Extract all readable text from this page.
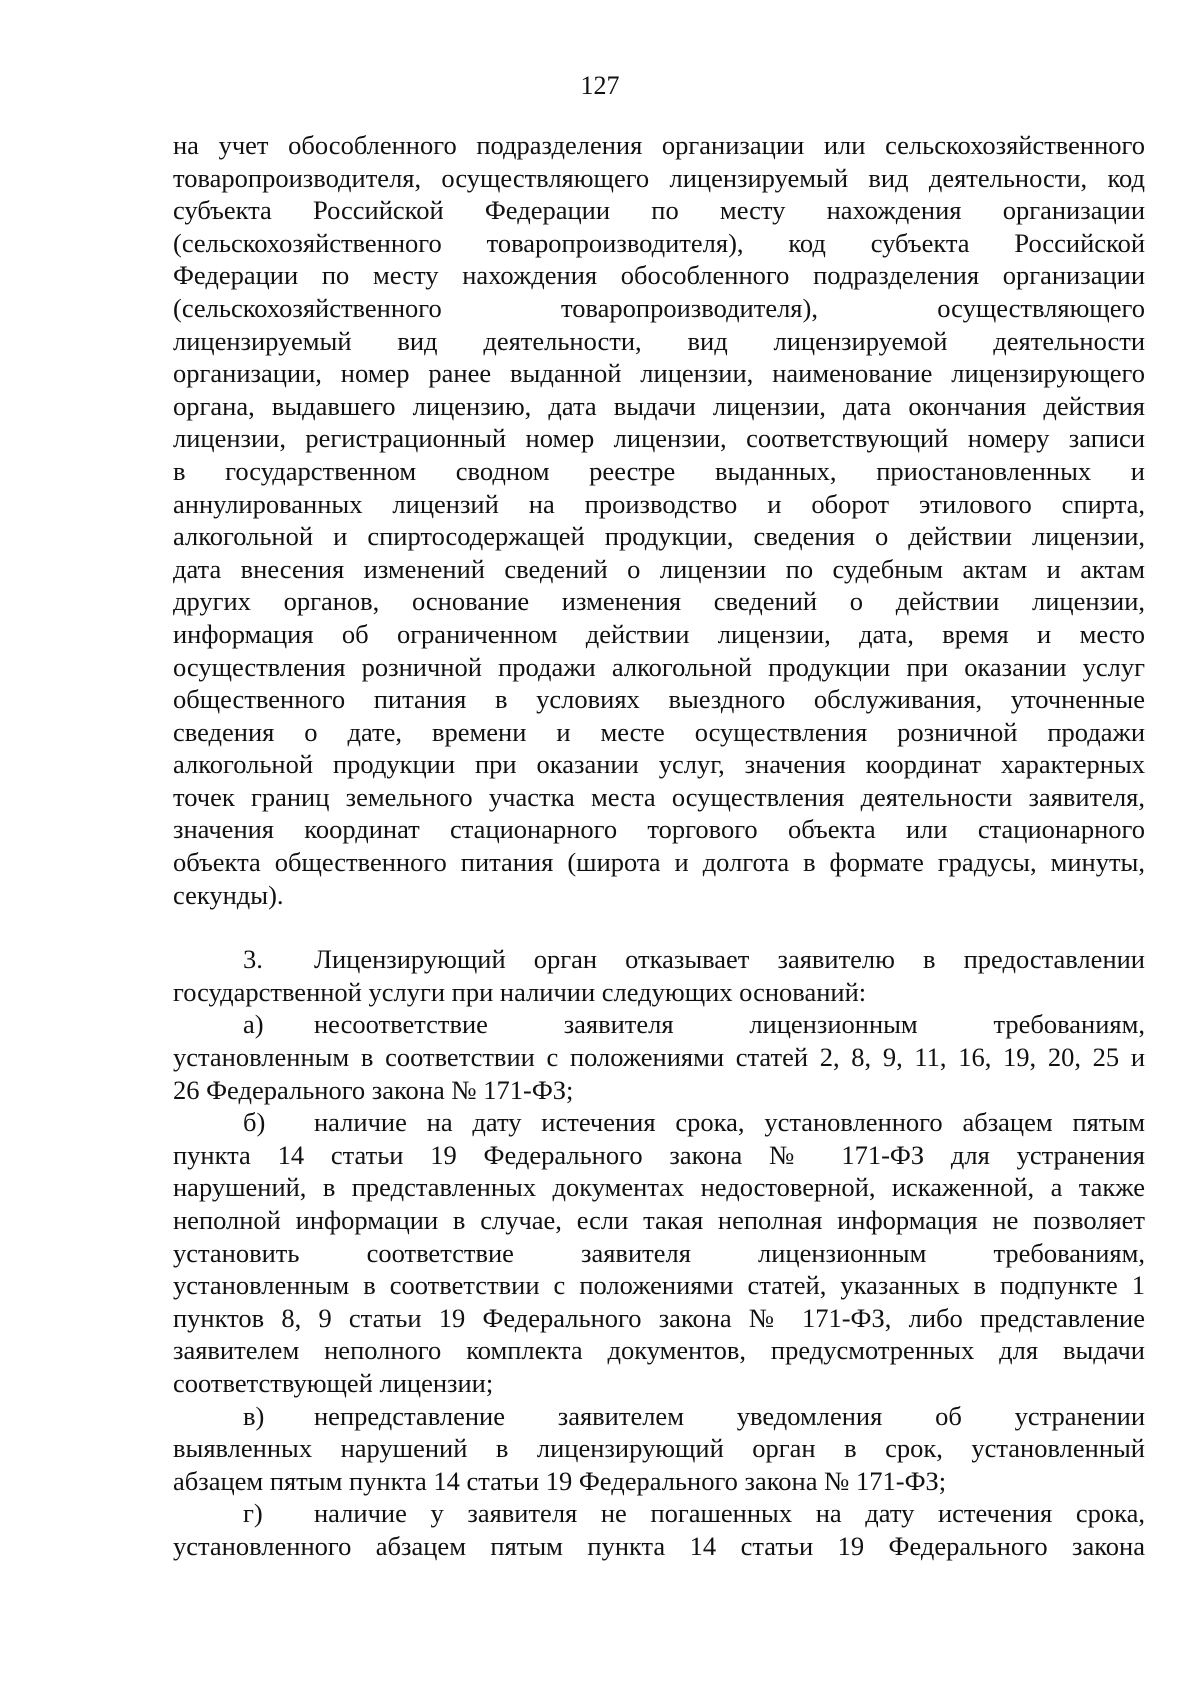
127

на учет обособленного подразделения организации или сельскохозяйственного

товаропроизводителя, осуществляющего лицензируемый вид деятельности, код

субъекта Российской Федерации по месту нахождения организации

(сельскохозяйственного товаропроизводителя), код субъекта Российской

Федерации по месту нахождения обособленного подразделения организации

(сельскохозяйственного товаропроизводителя), осуществляющего

лицензируемый вид деятельности, вид лицензируемой деятельности

организации, номер ранее выданной лицензии, наименование лицензирующего

органа, выдавшего лицензию, дата выдачи лицензии, дата окончания действия

лицензии, регистрационный номер лицензии, соответствующий номеру записи

в государственном сводном реестре выданных, приостановленных и

аннулированных лицензий на производство и оборот этилового спирта,

алкогольной и спиртосодержащей продукции, сведения о действии лицензии,

дата внесения изменений сведений о лицензии по судебным актам и актам

других органов, основание изменения сведений о действии лицензии,

информация об ограниченном действии лицензии, дата, время и место

осуществления розничной продажи алкогольной продукции при оказании услуг

общественного питания в условиях выездного обслуживания, уточненные

сведения о дате, времени и месте осуществления розничной продажи

алкогольной продукции при оказании услуг, значения координат характерных

точек границ земельного участка места осуществления деятельности заявителя,

значения координат стационарного торгового объекта или стационарного

объекта общественного питания (широта и долгота в формате градусы, минуты,

секунды).

3. Лицензирующий орган отказывает заявителю в предоставлении

государственной услуги при наличии следующих оснований:

а) несоответствие заявителя лицензионным требованиям,

установленным в соответствии с положениями статей 2, 8, 9, 11, 16, 19, 20, 25 и

26 Федерального закона № 171-ФЗ;

б) наличие на дату истечения срока, установленного абзацем пятым

пункта 14 статьи 19 Федерального закона № 171-ФЗ для устранения

нарушений, в представленных документах недостоверной, искаженной, а также

неполной информации в случае, если такая неполная информация не позволяет

установить соответствие заявителя лицензионным требованиям,

установленным в соответствии с положениями статей, указанных в подпункте 1

пунктов 8, 9 статьи 19 Федерального закона № 171-ФЗ, либо представление

заявителем неполного комплекта документов, предусмотренных для выдачи

соответствующей лицензии;

в) непредставление заявителем уведомления об устранении

выявленных нарушений в лицензирующий орган в срок, установленный

абзацем пятым пункта 14 статьи 19 Федерального закона № 171-ФЗ;

г) наличие у заявителя не погашенных на дату истечения срока,

установленного абзацем пятым пункта 14 статьи 19 Федерального закона
